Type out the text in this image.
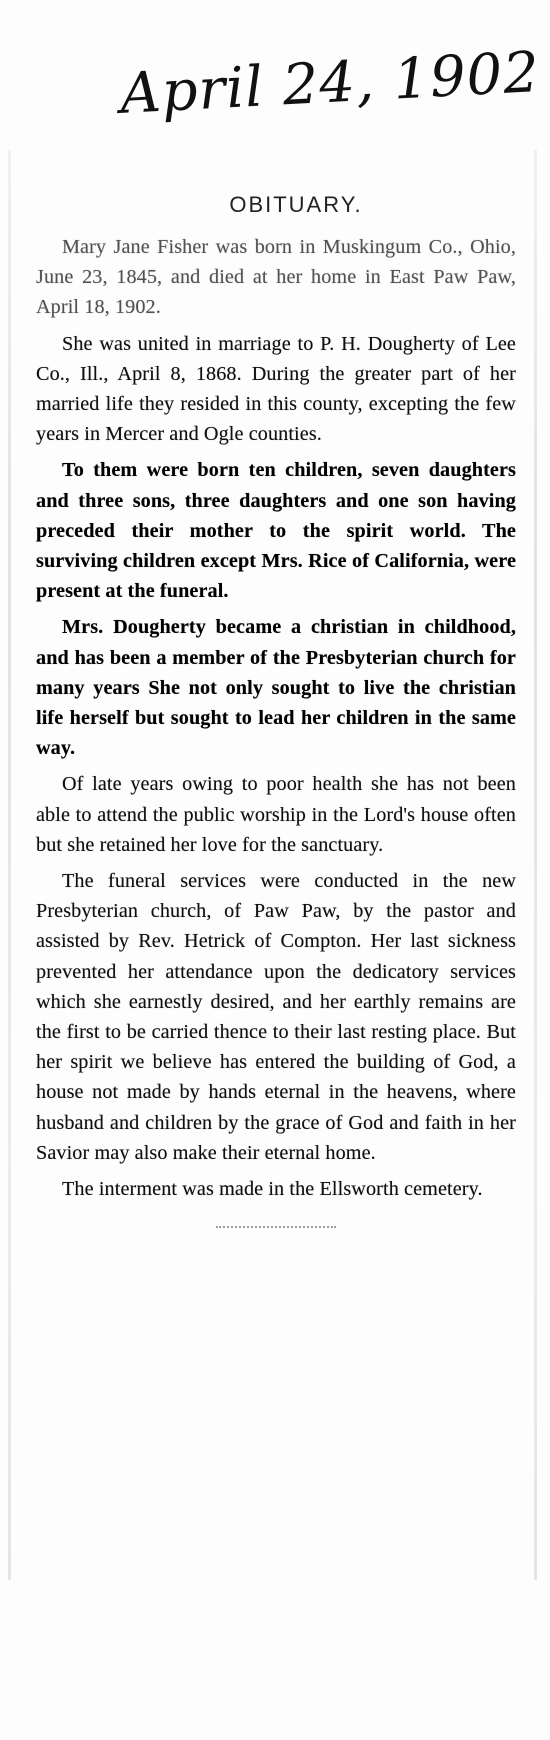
April 24, 1902
OBITUARY.

Mary Jane Fisher was born in Muskingum Co., Ohio, June 23, 1845, and died at her home in East Paw Paw, April 18, 1902.

She was united in marriage to P. H. Dougherty of Lee Co., Ill., April 8, 1868. During the greater part of her married life they resided in this county, excepting the few years in Mercer and Ogle counties.

To them were born ten children, seven daughters and three sons, three daughters and one son having preceded their mother to the spirit world. The surviving children except Mrs. Rice of California, were present at the funeral.

Mrs. Dougherty became a christian in childhood, and has been a member of the Presbyterian church for many years She not only sought to live the christian life herself but sought to lead her children in the same way.

Of late years owing to poor health she has not been able to attend the public worship in the Lord's house often but she retained her love for the sanctuary.

The funeral services were conducted in the new Presbyterian church, of Paw Paw, by the pastor and assisted by Rev. Hetrick of Compton. Her last sickness prevented her attendance upon the dedicatory services which she earnestly desired, and her earthly remains are the first to be carried thence to their last resting place. But her spirit we believe has entered the building of God, a house not made by hands eternal in the heavens, where husband and children by the grace of God and faith in her Savior may also make their eternal home.

The interment was made in the Ellsworth cemetery.
